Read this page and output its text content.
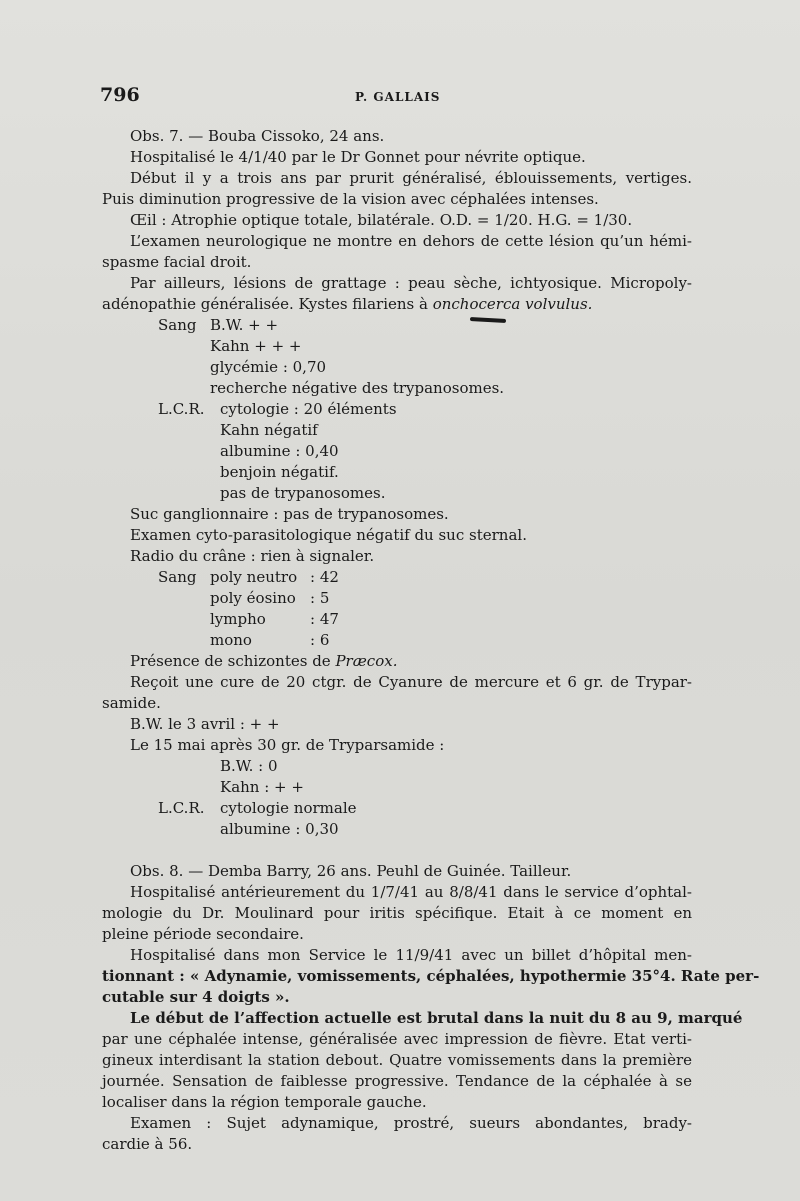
796	P. GALLAIS
Obs. 7. — Bouba Cissoko, 24 ans.
Hospitalisé le 4/1/40 par le Dr Gonnet pour névrite optique.
Début il y a trois ans par prurit généralisé, éblouissements, vertiges.
Puis diminution progressive de la vision avec céphalées intenses.
Œil : Atrophie optique totale, bilatérale. O.D. = 1/20. H.G. = 1/30.
L’examen neurologique ne montre en dehors de cette lésion qu’un hémi-
spasme facial droit.
Par ailleurs, lésions de grattage : peau sèche, ichtyosique. Micropoly-
adénopathie généralisée. Kystes filariens à onchocerca volvulus.
Sang B.W. + +
Kahn + + +
glycémie : 0,70
recherche négative des trypanosomes.
L.C.R. cytologie : 20 éléments
Kahn négatif
albumine : 0,40
benjoin négatif.
pas de trypanosomes.
Suc ganglionnaire : pas de trypanosomes.
Examen cyto-parasitologique négatif du suc sternal.
Radio du crâne : rien à signaler.
Sang poly neutro : 42
poly éosino : 5
lympho	: 47
mono	: 6
Présence de schizontes de Præcox.
Reçoit une cure de 20 ctgr. de Cyanure de mercure et 6 gr. de Trypar-
samide.
B.W. le 3 avril : + +
Le 15 mai après 30 gr. de Tryparsamide :
B.W. : 0
Kahn : + +
L.C.R. cytologie normale
albumine : 0,30
Obs. 8. — Demba Barry, 26 ans. Peuhl de Guinée. Tailleur.
Hospitalisé antérieurement du 1/7/41 au 8/8/41 dans le service d’ophtal-
mologie du Dr. Moulinard pour iritis spécifique. Etait à ce moment en
pleine période secondaire.
Hospitalisé dans mon Service le 11/9/41 avec un billet d’hôpital men-
tionnant : « Adynamie, vomissements, céphalées, hypothermie 35°4. Rate per-
cutable sur 4 doigts ».
Le début de l’affection actuelle est brutal dans la nuit du 8 au 9, marqué
par une céphalée intense, généralisée avec impression de fièvre. Etat verti-
gineux interdisant la station debout. Quatre vomissements dans la première
journée. Sensation de faiblesse progressive. Tendance de la céphalée à se
localiser dans la région temporale gauche.
Examen : Sujet adynamique, prostré, sueurs abondantes, brady-
cardie à 56.
